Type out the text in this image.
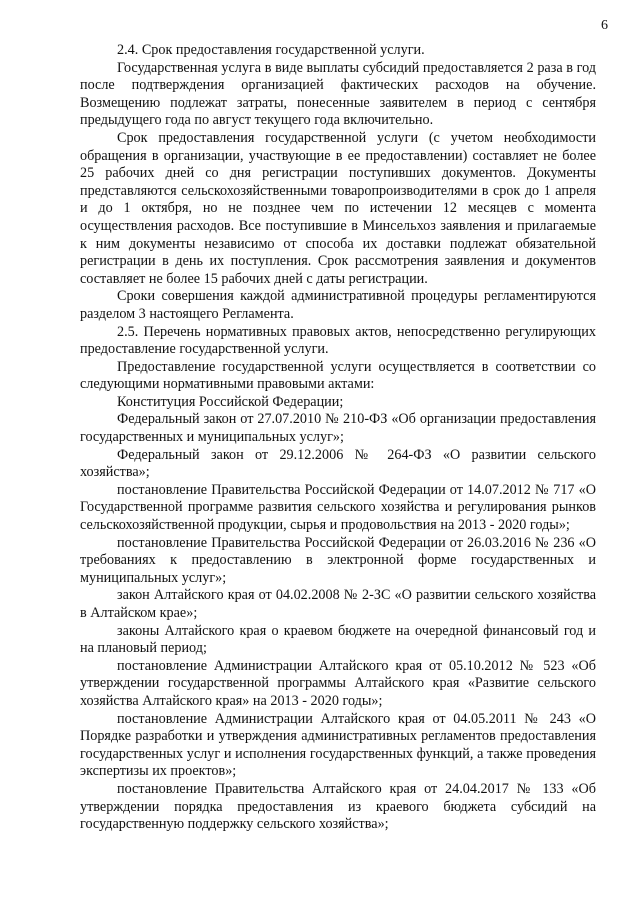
6

2.4. Срок предоставления государственной услуги.

Государственная услуга в виде выплаты субсидий предоставляется 2 раза в год после подтверждения организацией фактических расходов на обучение. Возмещению подлежат затраты, понесенные заявителем в период с сентября предыдущего года по август текущего года включительно.

Срок предоставления государственной услуги (с учетом необходимости обращения в организации, участвующие в ее предоставлении) составляет не более 25 рабочих дней со дня регистрации поступивших документов. Документы представляются сельскохозяйственными товаропроизводителями в срок до 1 апреля и до 1 октября, но не позднее чем по истечении 12 месяцев с момента осуществления расходов. Все поступившие в Минсельхоз заявления и прилагаемые к ним документы независимо от способа их доставки подлежат обязательной регистрации в день их поступления. Срок рассмотрения заявления и документов составляет не более 15 рабочих дней с даты регистрации.

Сроки совершения каждой административной процедуры регламентируются разделом 3 настоящего Регламента.

2.5. Перечень нормативных правовых актов, непосредственно регулирующих предоставление государственной услуги.

Предоставление государственной услуги осуществляется в соответствии со следующими нормативными правовыми актами:

Конституция Российской Федерации;

Федеральный закон от 27.07.2010 № 210-ФЗ «Об организации предоставления государственных и муниципальных услуг»;

Федеральный закон от 29.12.2006 № 264-ФЗ «О развитии сельского хозяйства»;

постановление Правительства Российской Федерации от 14.07.2012 № 717 «О Государственной программе развития сельского хозяйства и регулирования рынков сельскохозяйственной продукции, сырья и продовольствия на 2013 - 2020 годы»;

постановление Правительства Российской Федерации от 26.03.2016 № 236 «О требованиях к предоставлению в электронной форме государственных и муниципальных услуг»;

закон Алтайского края от 04.02.2008 № 2-ЗС «О развитии сельского хозяйства в Алтайском крае»;

законы Алтайского края о краевом бюджете на очередной финансовый год и на плановый период;

постановление Администрации Алтайского края от 05.10.2012 № 523 «Об утверждении государственной программы Алтайского края «Развитие сельского хозяйства Алтайского края» на 2013 - 2020 годы»;

постановление Администрации Алтайского края от 04.05.2011 № 243 «О Порядке разработки и утверждения административных регламентов предоставления государственных услуг и исполнения государственных функций, а также проведения экспертизы их проектов»;

постановление Правительства Алтайского края от 24.04.2017 № 133 «Об утверждении порядка предоставления из краевого бюджета субсидий на государственную поддержку сельского хозяйства»;
